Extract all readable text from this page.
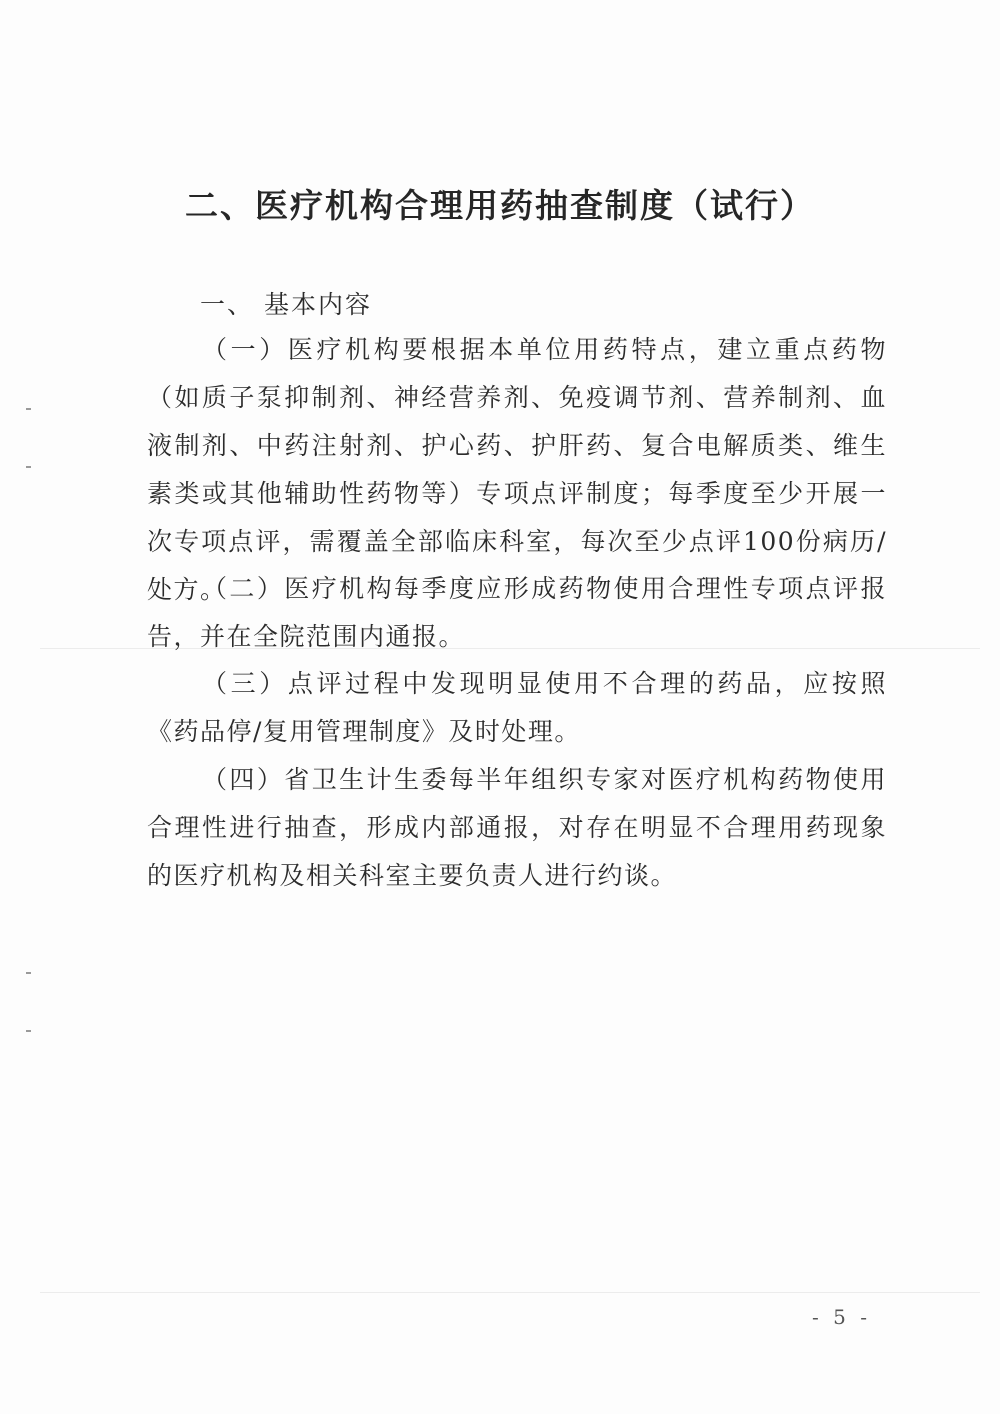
二、医疗机构合理用药抽查制度（试行）
一、 基本内容
（一）医疗机构要根据本单位用药特点，建立重点药物（如质子泵抑制剂、神经营养剂、免疫调节剂、营养制剂、血液制剂、中药注射剂、护心药、护肝药、复合电解质类、维生素类或其他辅助性药物等）专项点评制度；每季度至少开展一次专项点评，需覆盖全部临床科室，每次至少点评100份病历/处方。
（二）医疗机构每季度应形成药物使用合理性专项点评报告，并在全院范围内通报。
（三）点评过程中发现明显使用不合理的药品，应按照《药品停/复用管理制度》及时处理。
（四）省卫生计生委每半年组织专家对医疗机构药物使用合理性进行抽查，形成内部通报，对存在明显不合理用药现象的医疗机构及相关科室主要负责人进行约谈。
- 5 -
